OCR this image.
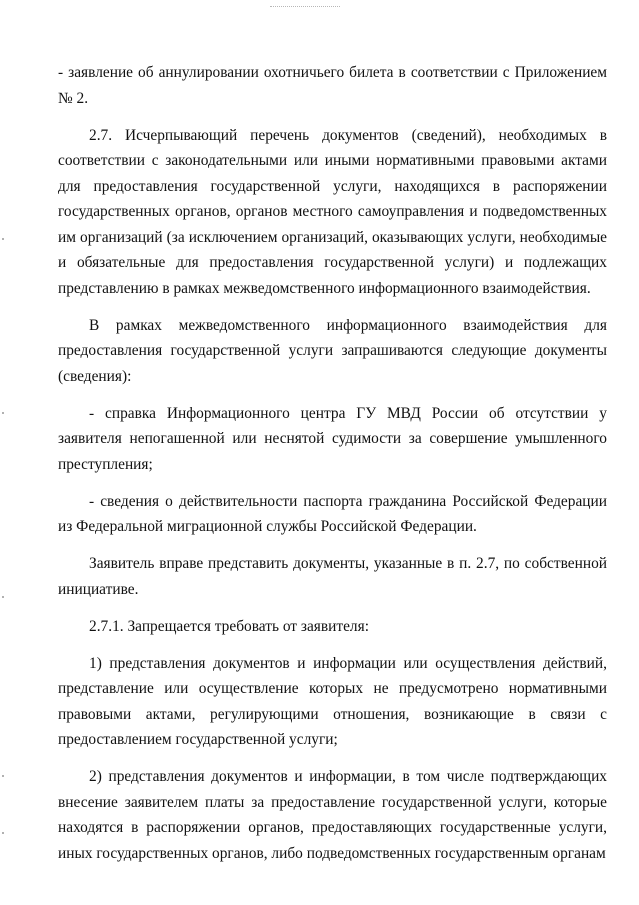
- заявление об аннулировании охотничьего билета в соответствии с Приложением № 2.

2.7. Исчерпывающий перечень документов (сведений), необходимых в соответствии с законодательными или иными нормативными правовыми актами для предоставления государственной услуги, находящихся в распоряжении государственных органов, органов местного самоуправления и подведомственных им организаций (за исключением организаций, оказывающих услуги, необходимые и обязательные для предоставления государственной услуги) и подлежащих представлению в рамках межведомственного информационного взаимодействия.

В рамках межведомственного информационного взаимодействия для предоставления государственной услуги запрашиваются следующие документы (сведения):

- справка Информационного центра ГУ МВД России об отсутствии у заявителя непогашенной или неснятой судимости за совершение умышленного преступления;

- сведения о действительности паспорта гражданина Российской Федерации из Федеральной миграционной службы Российской Федерации.

Заявитель вправе представить документы, указанные в п. 2.7, по собственной инициативе.

2.7.1. Запрещается требовать от заявителя:

1) представления документов и информации или осуществления действий, представление или осуществление которых не предусмотрено нормативными правовыми актами, регулирующими отношения, возникающие в связи с предоставлением государственной услуги;

2) представления документов и информации, в том числе подтверждающих внесение заявителем платы за предоставление государственной услуги, которые находятся в распоряжении органов, предоставляющих государственные услуги, иных государственных органов, либо подведомственных государственным органам
